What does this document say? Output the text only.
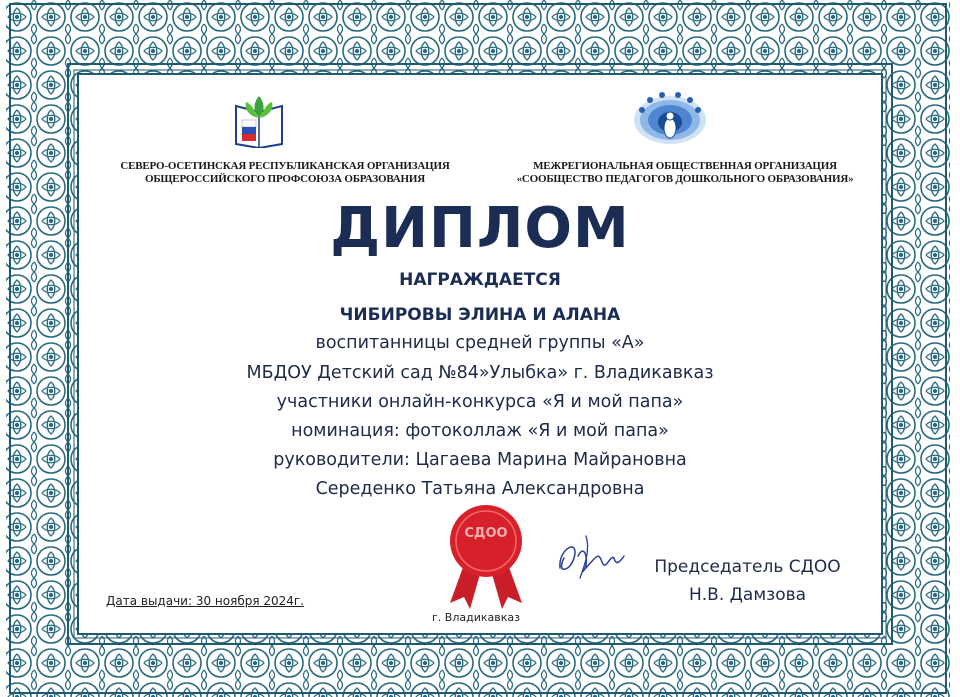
СЕВЕРО-ОСЕТИНСКАЯ РЕСПУБЛИКАНСКАЯ ОРГАНИЗАЦИЯ
ОБЩЕРОССИЙСКОГО ПРОФСОЮЗА ОБРАЗОВАНИЯ
МЕЖРЕГИОНАЛЬНАЯ ОБЩЕСТВЕННАЯ ОРГАНИЗАЦИЯ
«СООБЩЕСТВО ПЕДАГОГОВ ДОШКОЛЬНОГО ОБРАЗОВАНИЯ»
ДИПЛОМ
НАГРАЖДАЕТСЯ
ЧИБИРОВЫ ЭЛИНА И АЛАНА
воспитанницы средней группы «А»
МБДОУ Детский сад №84»Улыбка» г. Владикавказ
участники онлайн-конкурса «Я и мой папа»
номинация: фотоколлаж «Я и мой папа»
руководители: Цагаева Марина Майрановна
Середенко Татьяна Александровна
СДОО
Дата выдачи: 30 ноября 2024г.
г. Владикавказ
Председатель СДОО
Н.В. Дамзова
